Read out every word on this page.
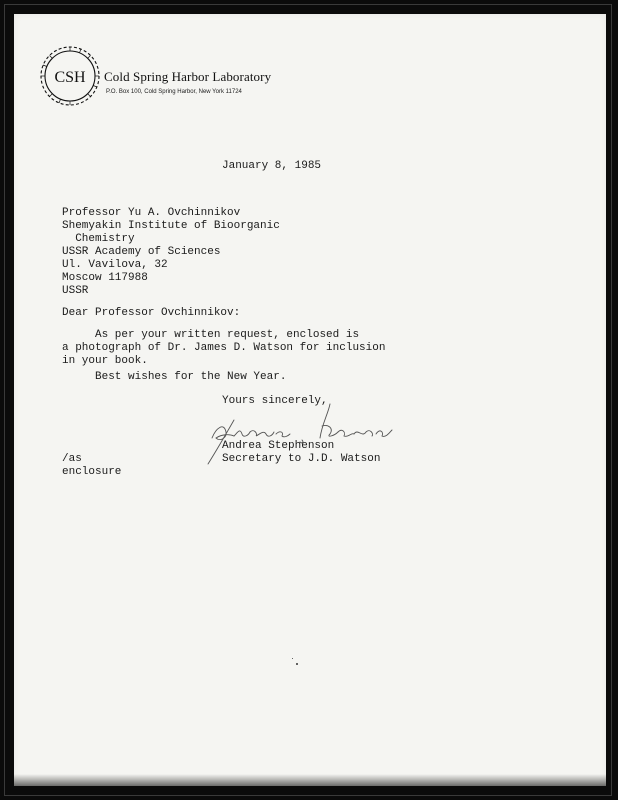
CSH Cold Spring Harbor Laboratory
P.O. Box 100, Cold Spring Harbor, New York 11724
January 8, 1985
Professor Yu A. Ovchinnikov
Shemyakin Institute of Bioorganic
Chemistry
USSR Academy of Sciences
Ul. Vavilova, 32
Moscow 117988
USSR
Dear Professor Ovchinnikov:
As per your written request, enclosed is
a photograph of Dr. James D. Watson for inclusion
in your book.
Best wishes for the New Year.
Yours sincerely,
Andrea Stephenson
Secretary to J.D. Watson
/as
enclosure
